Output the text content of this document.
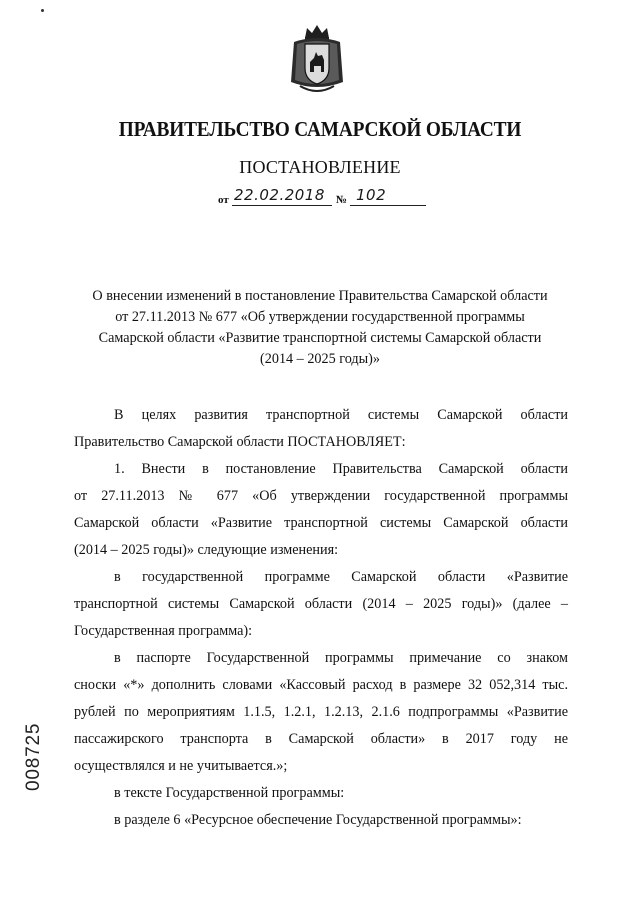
ПРАВИТЕЛЬСТВО САМАРСКОЙ ОБЛАСТИ
ПОСТАНОВЛЕНИЕ
от 22.02.2018 № 102
О внесении изменений в постановление Правительства Самарской области
от 27.11.2013 № 677 «Об утверждении государственной программы
Самарской области «Развитие транспортной системы Самарской области
(2014 – 2025 годы)»
В целях развития транспортной системы Самарской области
Правительство Самарской области ПОСТАНОВЛЯЕТ:
1. Внести в постановление Правительства Самарской области
от 27.11.2013 № 677 «Об утверждении государственной программы
Самарской области «Развитие транспортной системы Самарской области
(2014 – 2025 годы)» следующие изменения:
в государственной программе Самарской области «Развитие
транспортной системы Самарской области (2014 – 2025 годы)» (далее –
Государственная программа):
в паспорте Государственной программы примечание со знаком
сноски «*» дополнить словами «Кассовый расход в размере 32 052,314 тыс.
рублей по мероприятиям 1.1.5, 1.2.1, 1.2.13, 2.1.6 подпрограммы «Развитие
пассажирского транспорта в Самарской области» в 2017 году не
осуществлялся и не учитывается.»;
в тексте Государственной программы:
в разделе 6 «Ресурсное обеспечение Государственной программы»:
008725
